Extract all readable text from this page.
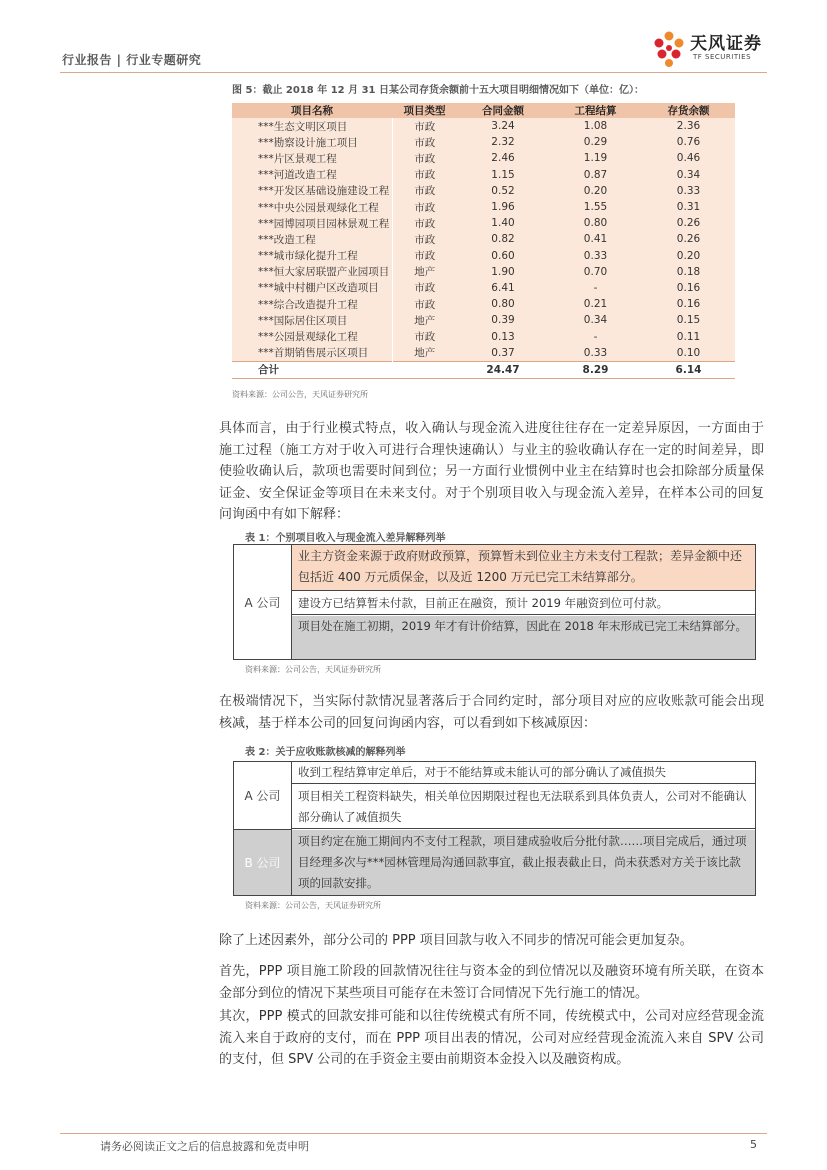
行业报告 | 行业专题研究
天风证券
TF SECURITIES
图 5：截止 2018 年 12 月 31 日某公司存货余额前十五大项目明细情况如下（单位：亿）：
项目名称	项目类型	合同金额	工程结算	存货余额
***生态文明区项目	市政	3.24	1.08	2.36
***勘察设计施工项目	市政	2.32	0.29	0.76
***片区景观工程	市政	2.46	1.19	0.46
***河道改造工程	市政	1.15	0.87	0.34
***开发区基础设施建设工程	市政	0.52	0.20	0.33
***中央公园景观绿化工程	市政	1.96	1.55	0.31
***园博园项目园林景观工程	市政	1.40	0.80	0.26
***改造工程	市政	0.82	0.41	0.26
***城市绿化提升工程	市政	0.60	0.33	0.20
***恒大家居联盟产业园项目	地产	1.90	0.70	0.18
***城中村棚户区改造项目	市政	6.41	-	0.16
***综合改造提升工程	市政	0.80	0.21	0.16
***国际居住区项目	地产	0.39	0.34	0.15
***公园景观绿化工程	市政	0.13	-	0.11
***首期销售展示区项目	地产	0.37	0.33	0.10
合计		24.47	8.29	6.14
资料来源：公司公告，天风证券研究所
具体而言，由于行业模式特点，收入确认与现金流入进度往往存在一定差异原因，一方面由于施工过程（施工方对于收入可进行合理快速确认）与业主的验收确认存在一定的时间差异，即使验收确认后，款项也需要时间到位；另一方面行业惯例中业主在结算时也会扣除部分质量保证金、安全保证金等项目在未来支付。对于个别项目收入与现金流入差异，在样本公司的回复问询函中有如下解释：
表 1：个别项目收入与现金流入差异解释列举
A 公司
业主方资金来源于政府财政预算，预算暂未到位业主方未支付工程款；差异金额中还包括近 400 万元质保金，以及近 1200 万元已完工未结算部分。
建设方已结算暂未付款，目前正在融资，预计 2019 年融资到位可付款。
项目处在施工初期，2019 年才有计价结算，因此在 2018 年末形成已完工未结算部分。
资料来源：公司公告，天风证券研究所
在极端情况下，当实际付款情况显著落后于合同约定时，部分项目对应的应收账款可能会出现核减，基于样本公司的回复问询函内容，可以看到如下核减原因：
表 2：关于应收账款核减的解释列举
A 公司
收到工程结算审定单后，对于不能结算或未能认可的部分确认了减值损失
项目相关工程资料缺失，相关单位因期限过程也无法联系到具体负责人，公司对不能确认部分确认了减值损失
B 公司
项目约定在施工期间内不支付工程款，项目建成验收后分批付款……项目完成后，通过项目经理多次与***园林管理局沟通回款事宜，截止报表截止日，尚未获悉对方关于该比款项的回款安排。
资料来源：公司公告，天风证券研究所
除了上述因素外，部分公司的 PPP 项目回款与收入不同步的情况可能会更加复杂。
首先，PPP 项目施工阶段的回款情况往往与资本金的到位情况以及融资环境有所关联，在资本金部分到位的情况下某些项目可能存在未签订合同情况下先行施工的情况。
其次，PPP 模式的回款安排可能和以往传统模式有所不同，传统模式中，公司对应经营现金流流入来自于政府的支付，而在 PPP 项目出表的情况，公司对应经营现金流流入来自 SPV 公司的支付，但 SPV 公司的在手资金主要由前期资本金投入以及融资构成。
请务必阅读正文之后的信息披露和免责申明	5
